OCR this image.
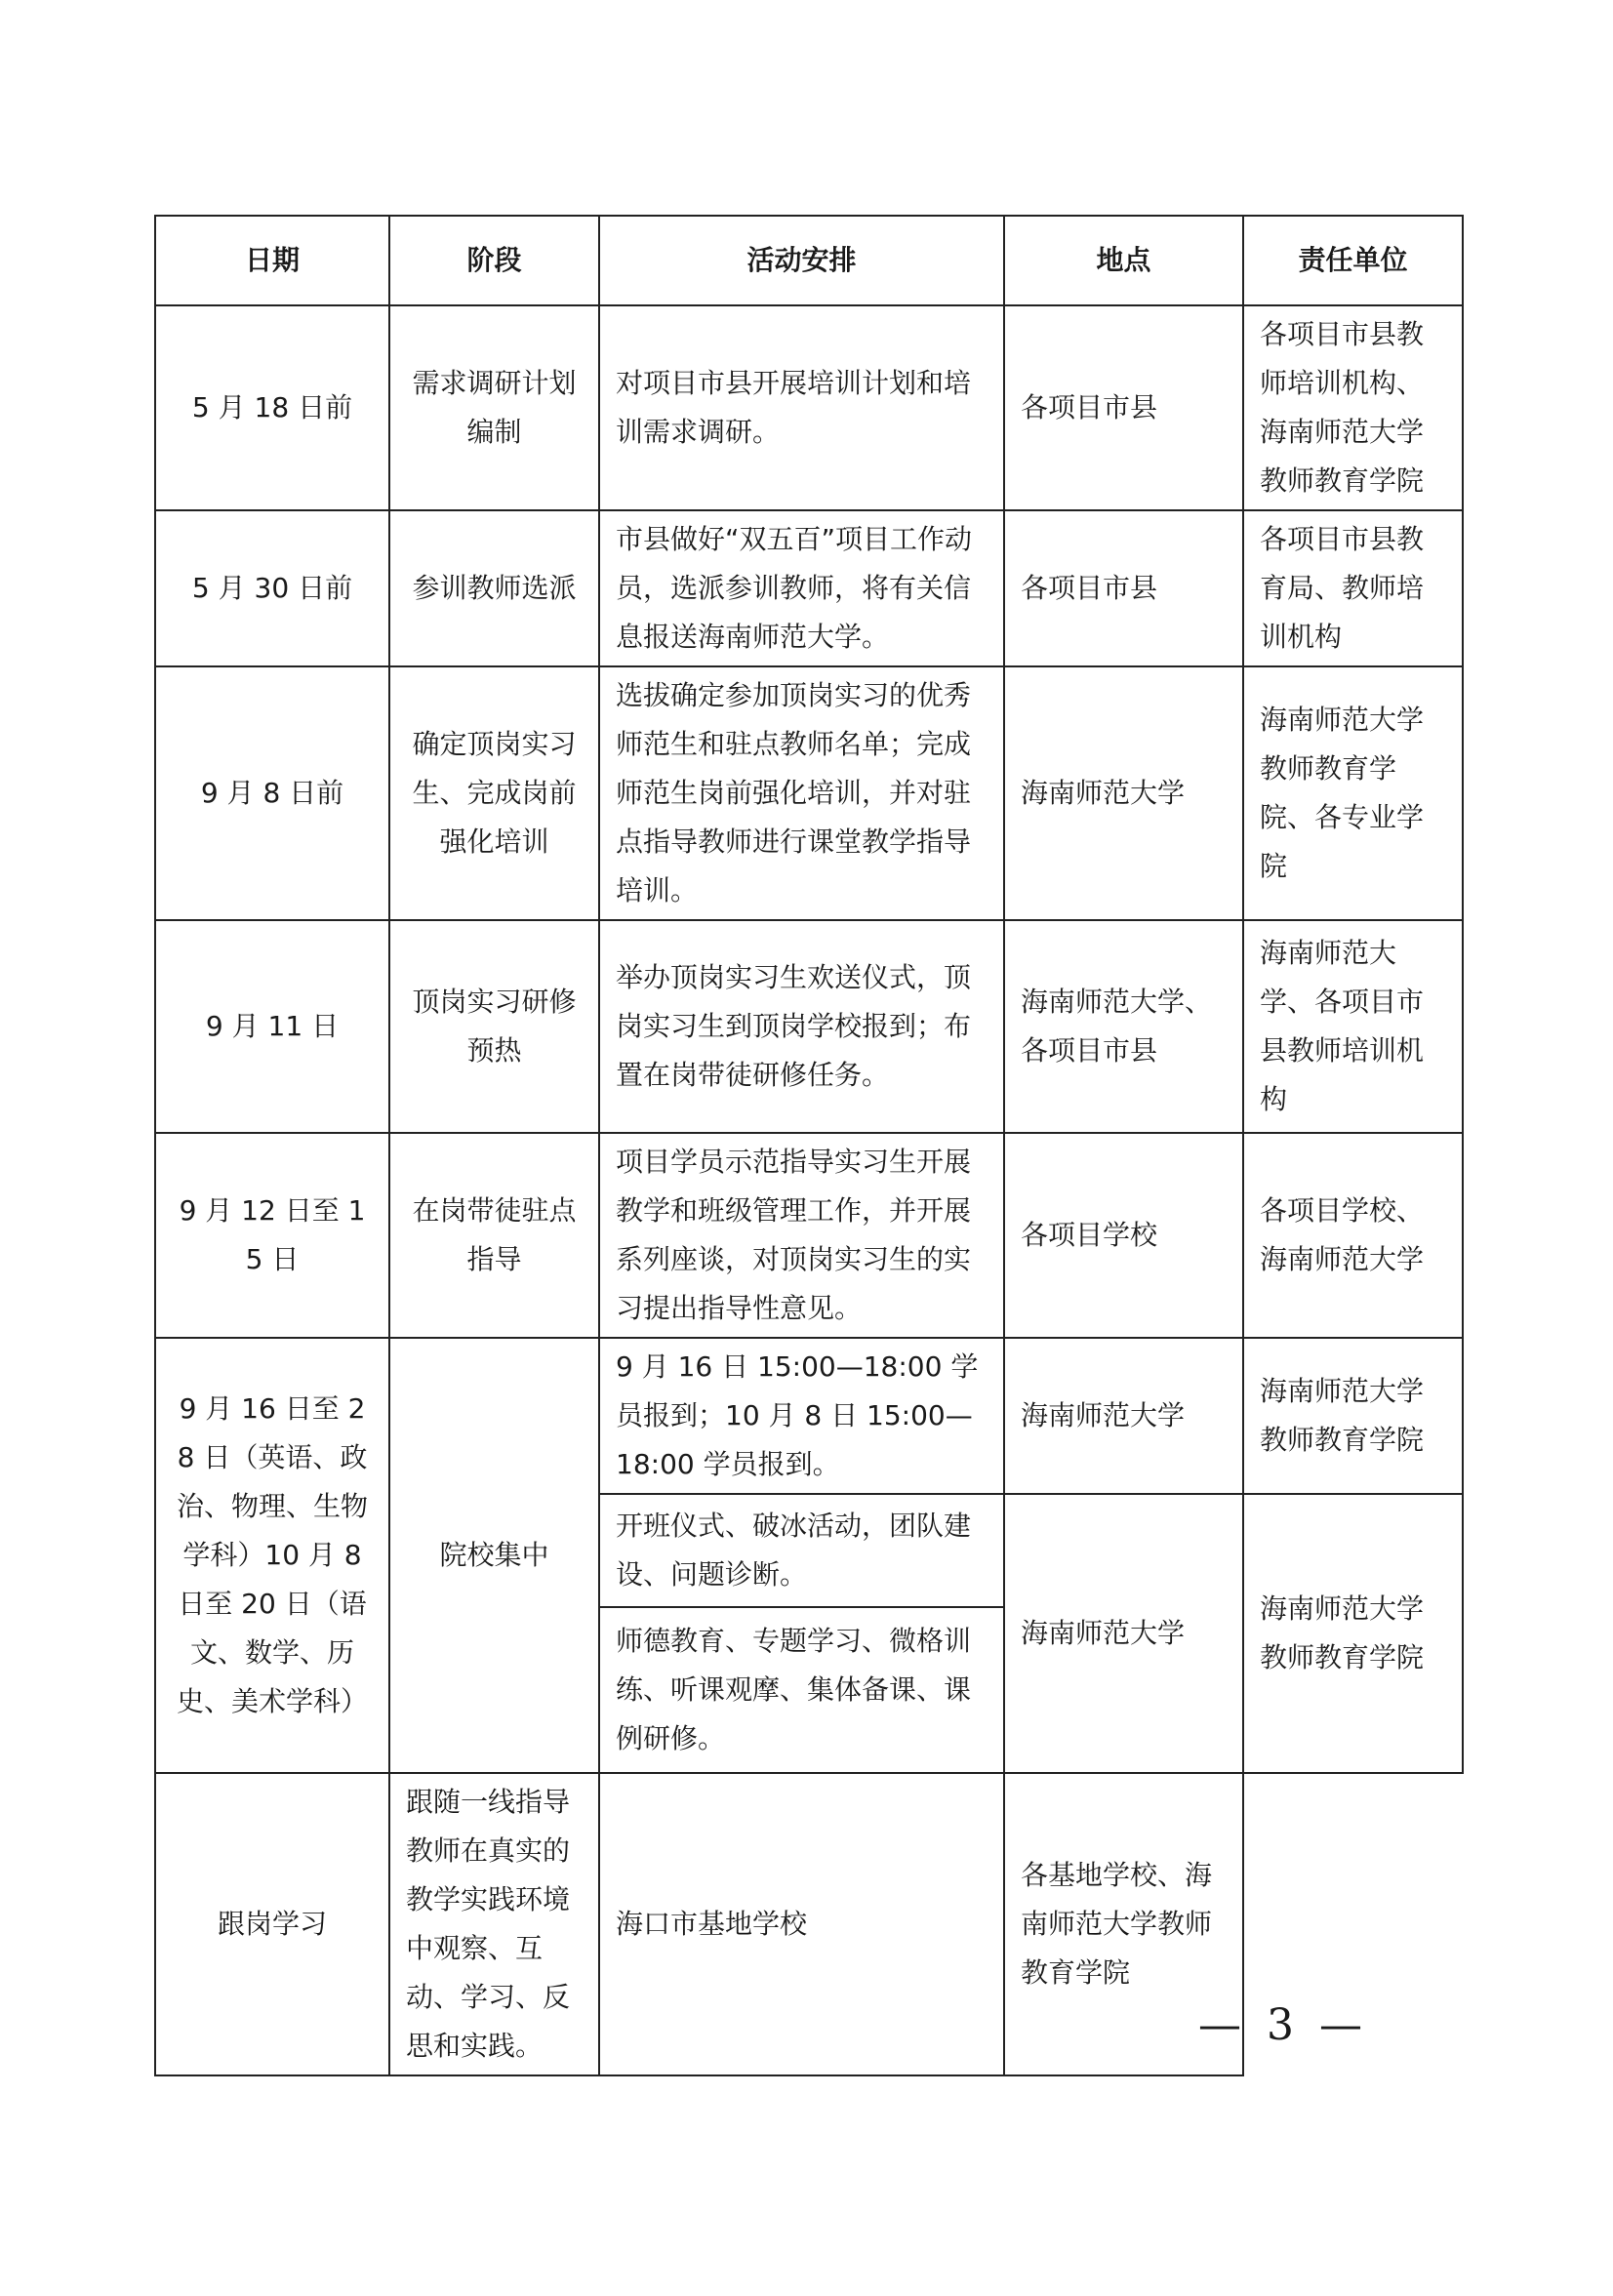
日期	阶段	活动安排	地点	责任单位
5 月 18 日前	需求调研计划编制	对项目市县开展培训计划和培训需求调研。	各项目市县	各项目市县教师培训机构、海南师范大学教师教育学院
5 月 30 日前	参训教师选派	市县做好“双五百”项目工作动员，选派参训教师，将有关信息报送海南师范大学。	各项目市县	各项目市县教育局、教师培训机构
9 月 8 日前	确定顶岗实习生、完成岗前强化培训	选拔确定参加顶岗实习的优秀师范生和驻点教师名单；完成师范生岗前强化培训，并对驻点指导教师进行课堂教学指导培训。	海南师范大学	海南师范大学教师教育学院、各专业学院
9 月 11 日	顶岗实习研修预热	举办顶岗实习生欢送仪式，顶岗实习生到顶岗学校报到；布置在岗带徒研修任务。	海南师范大学、各项目市县	海南师范大学、各项目市县教师培训机构
9 月 12 日至 15 日	在岗带徒驻点指导	项目学员示范指导实习生开展教学和班级管理工作，并开展系列座谈，对顶岗实习生的实习提出指导性意见。	各项目学校	各项目学校、海南师范大学
9 月 16 日至 28 日（英语、政治、物理、生物学科）10 月 8 日至 20 日（语文、数学、历史、美术学科）	院校集中	9 月 16 日 15:00—18:00 学员报到；10 月 8 日 15:00—18:00 学员报到。	海南师范大学	海南师范大学教师教育学院
		开班仪式、破冰活动，团队建设、问题诊断。	海南师范大学	海南师范大学教师教育学院
		师德教育、专题学习、微格训练、听课观摩、集体备课、课例研修。		
跟岗学习	跟随一线指导教师在真实的教学实践环境中观察、互动、学习、反思和实践。	海口市基地学校	各基地学校、海南师范大学教师教育学院	
— 3 —
